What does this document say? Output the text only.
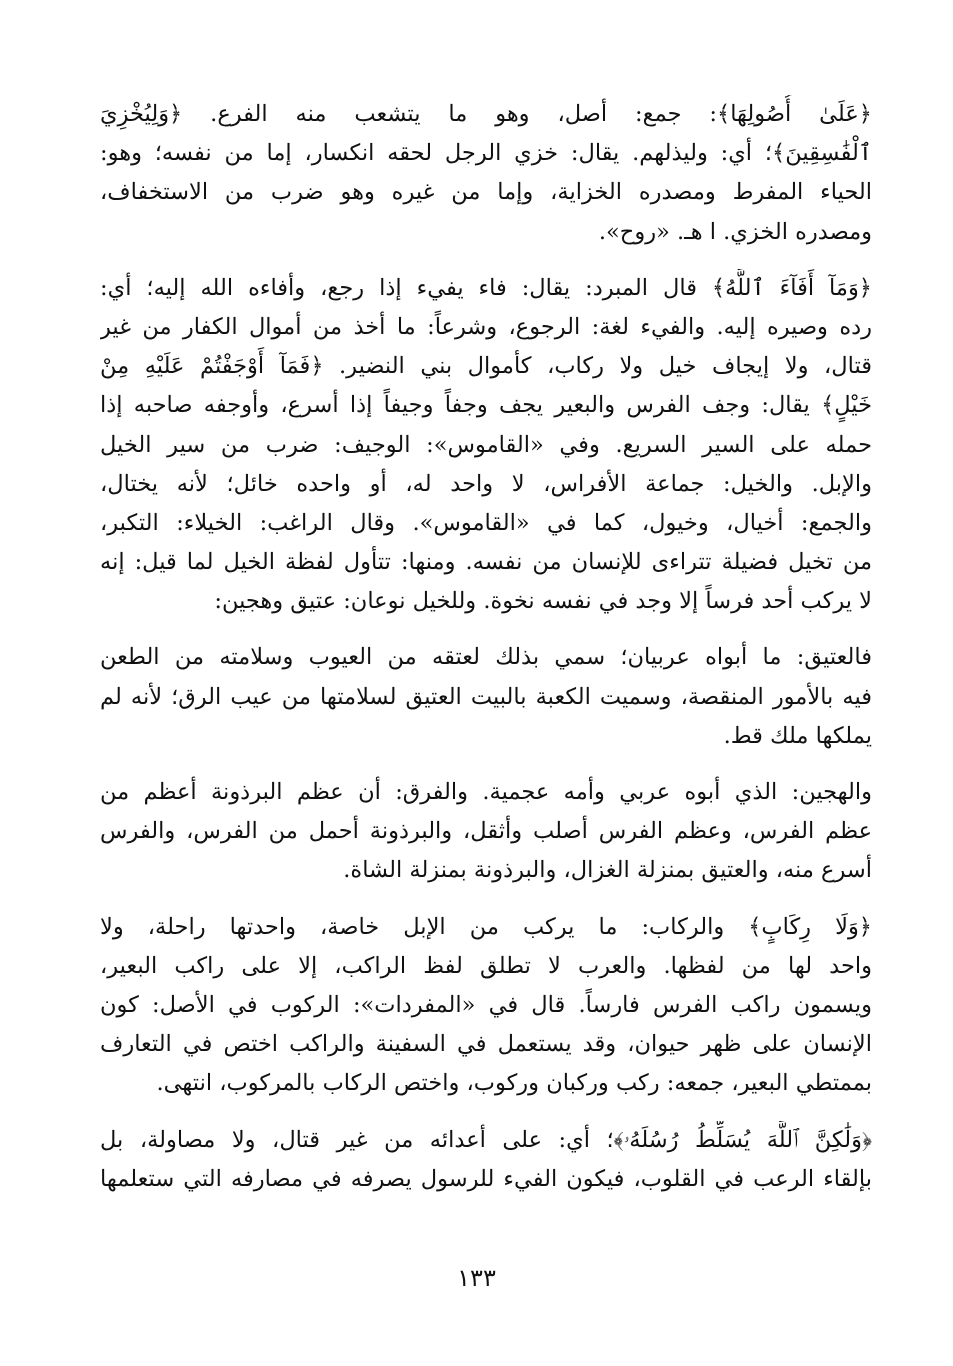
﴿عَلَىٰ أُصُولِهَا﴾: جمع: أصل، وهو ما يتشعب منه الفرع. ﴿وَلِيُخْزِيَ
ٱلْفَٰسِقِينَ﴾؛ أي: وليذلهم. يقال: خزي الرجل لحقه انكسار، إما من نفسه؛ وهو:
الحياء المفرط ومصدره الخزاية، وإما من غيره وهو ضرب من الاستخفاف،
ومصدره الخزي. ا هـ. «روح».
﴿وَمَآ أَفَآءَ ٱللَّهُ﴾ قال المبرد: يقال: فاء يفيء إذا رجع، وأفاءه الله إليه؛ أي:
رده وصيره إليه. والفيء لغة: الرجوع، وشرعاً: ما أخذ من أموال الكفار من غير
قتال، ولا إيجاف خيل ولا ركاب، كأموال بني النضير. ﴿فَمَآ أَوْجَفْتُمْ عَلَيْهِ مِنْ
خَيْلٍ﴾ يقال: وجف الفرس والبعير يجف وجفاً وجيفاً إذا أسرع، وأوجفه صاحبه إذا
حمله على السير السريع. وفي «القاموس»: الوجيف: ضرب من سير الخيل
والإبل. والخيل: جماعة الأفراس، لا واحد له، أو واحده خائل؛ لأنه يختال،
والجمع: أخيال، وخيول، كما في «القاموس». وقال الراغب: الخيلاء: التكبر،
من تخيل فضيلة تتراءى للإنسان من نفسه. ومنها: تتأول لفظة الخيل لما قيل: إنه
لا يركب أحد فرساً إلا وجد في نفسه نخوة. وللخيل نوعان: عتيق وهجين:
فالعتيق: ما أبواه عربيان؛ سمي بذلك لعتقه من العيوب وسلامته من الطعن
فيه بالأمور المنقصة، وسميت الكعبة بالبيت العتيق لسلامتها من عيب الرق؛ لأنه لم
يملكها ملك قط.
والهجين: الذي أبوه عربي وأمه عجمية. والفرق: أن عظم البرذونة أعظم من
عظم الفرس، وعظم الفرس أصلب وأثقل، والبرذونة أحمل من الفرس، والفرس
أسرع منه، والعتيق بمنزلة الغزال، والبرذونة بمنزلة الشاة.
﴿وَلَا رِكَابٍ﴾ والركاب: ما يركب من الإبل خاصة، واحدتها راحلة، ولا
واحد لها من لفظها. والعرب لا تطلق لفظ الراكب، إلا على راكب البعير،
ويسمون راكب الفرس فارساً. قال في «المفردات»: الركوب في الأصل: كون
الإنسان على ظهر حيوان، وقد يستعمل في السفينة والراكب اختص في التعارف
بممتطي البعير، جمعه: ركب وركبان وركوب، واختص الركاب بالمركوب، انتهى.
﴿وَلَٰكِنَّ ٱللَّهَ يُسَلِّطُ رُسُلَهُۥ﴾؛ أي: على أعدائه من غير قتال، ولا مصاولة، بل
بإلقاء الرعب في القلوب، فيكون الفيء للرسول يصرفه في مصارفه التي ستعلمها
١٣٣
